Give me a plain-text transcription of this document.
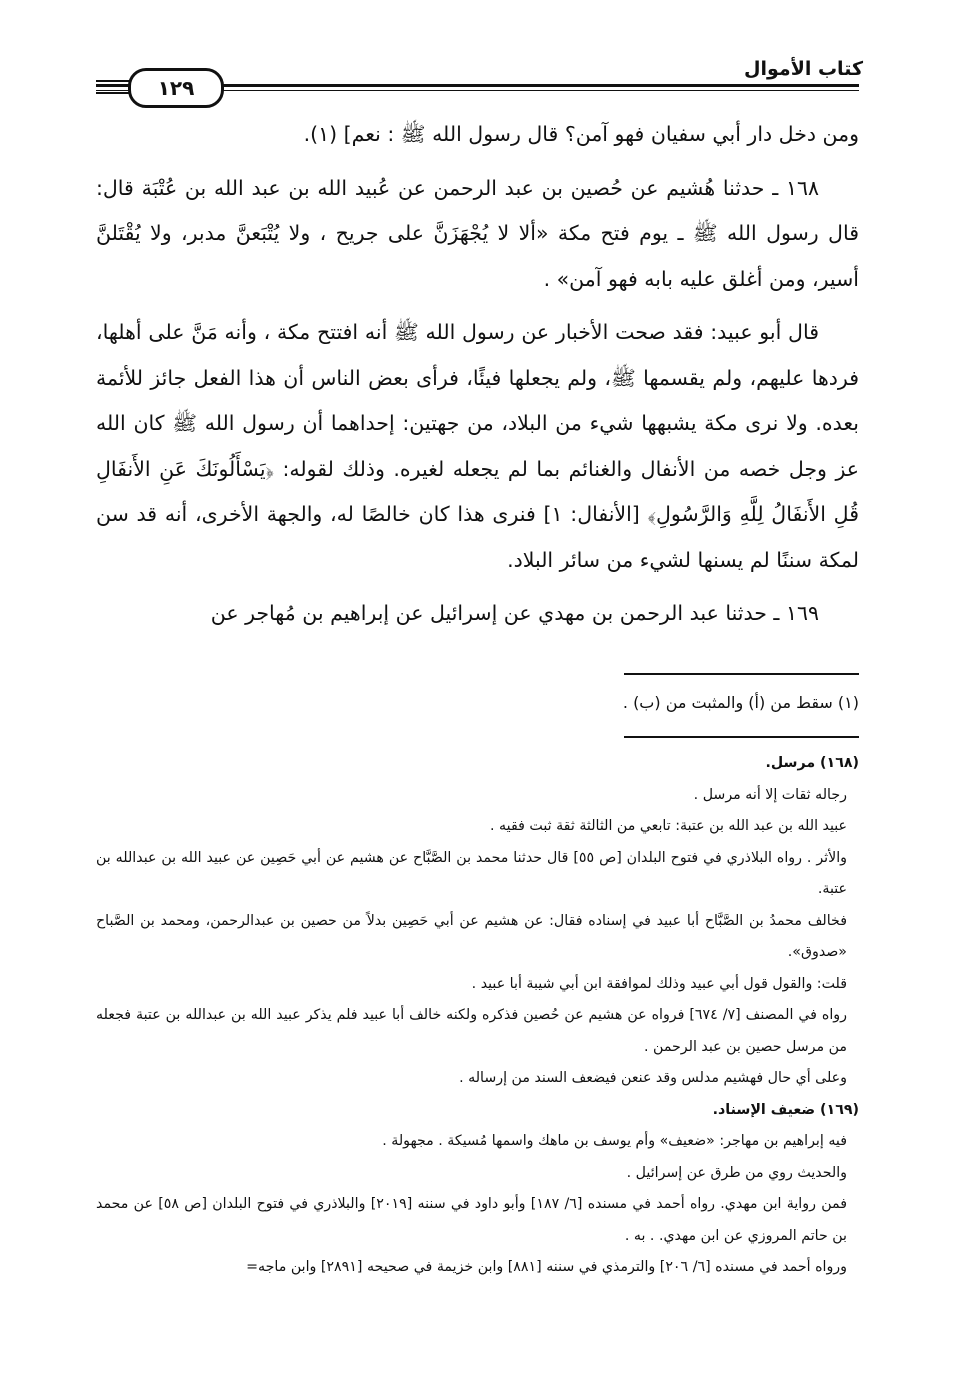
كتاب الأموال
١٢٩

ومن دخل دار أبي سفيان فهو آمن؟ قال رسول الله ﷺ : نعم] (١).

١٦٨ ـ حدثنا هُشيم عن حُصين بن عبد الرحمن عن عُبيد الله بن عبد الله بن عُتْبَة قال: قال رسول الله ﷺ ـ يوم فتح مكة «ألا لا يُجْهَزَنَّ على جريح ، ولا يُتْبَعنَّ مدبر، ولا يُقْتَلنَّ أسير، ومن أغلق عليه بابه فهو آمن» .

قال أبو عبيد: فقد صحت الأخبار عن رسول الله ﷺ أنه افتتح مكة ، وأنه مَنَّ على أهلها، فردها عليهم، ولم يقسمها ﷺ، ولم يجعلها فيئًا، فرأى بعض الناس أن هذا الفعل جائز للأئمة بعده. ولا نرى مكة يشبهها شيء من البلاد، من جهتين: إحداهما أن رسول الله ﷺ كان الله عز وجل خصه من الأنفال والغنائم بما لم يجعله لغيره. وذلك لقوله: ﴿يَسْأَلُونَكَ عَنِ الأَنفَالِ قُلِ الأَنفَالُ لِلَّهِ وَالرَّسُولِ﴾ [الأنفال: ١] فنرى هذا كان خالصًا له، والجهة الأخرى، أنه قد سن لمكة سننًا لم يسنها لشيء من سائر البلاد.

١٦٩ ـ حدثنا عبد الرحمن بن مهدي عن إسرائيل عن إبراهيم بن مُهاجر عن

(١) سقط من (أ) والمثبت من (ب) .

(١٦٨) مرسل.

رجاله ثقات إلا أنه مرسل .

عبيد الله بن عبد الله بن عتبة: تابعي من الثالثة ثقة ثبت فقيه .

والأثر . رواه البلاذري في فتوح البلدان [ص ٥٥] قال حدثنا محمد بن الصَّبَّاح عن هشيم عن أبي حَصِين عن عبيد الله بن عبدالله بن عتبة.

فخالف محمدُ بن الصَّبَّاح أبا عبيد في إسناده فقال: عن هشيم عن أبي حَصِين بدلاً من حصين بن عبدالرحمن، ومحمد بن الصَّباح «صدوق».

قلت: والقول قول أبي عبيد وذلك لموافقة ابن أبي شيبة أبا عبيد .

رواه في المصنف [٧/ ٦٧٤] فرواه عن هشيم عن حُصين فذكره ولكنه خالف أبا عبيد فلم يذكر عبيد الله بن عبدالله بن عتبة فجعله من مرسل حصين بن عبد الرحمن .

وعلى أي حال فهشيم مدلس وقد عنعن فيضعف السند من إرساله .

(١٦٩) ضعيف الإسناد.

فيه إبراهيم بن مهاجر: «ضعيف» وأم يوسف بن ماهك واسمها مُسيكة . مجهولة .

والحديث روي من طرق عن إسرائيل .

فمن رواية ابن مهدي. رواه أحمد في مسنده [٦/ ١٨٧] وأبو داود في سننه [٢٠١٩] والبلاذري في فتوح البلدان [ص ٥٨] عن محمد بن حاتم المروزي عن ابن مهدي. . به .

ورواه أحمد في مسنده [٦/ ٢٠٦] والترمذي في سننه [٨٨١] وابن خزيمة في صحيحه [٢٨٩١] وابن ماجه=
